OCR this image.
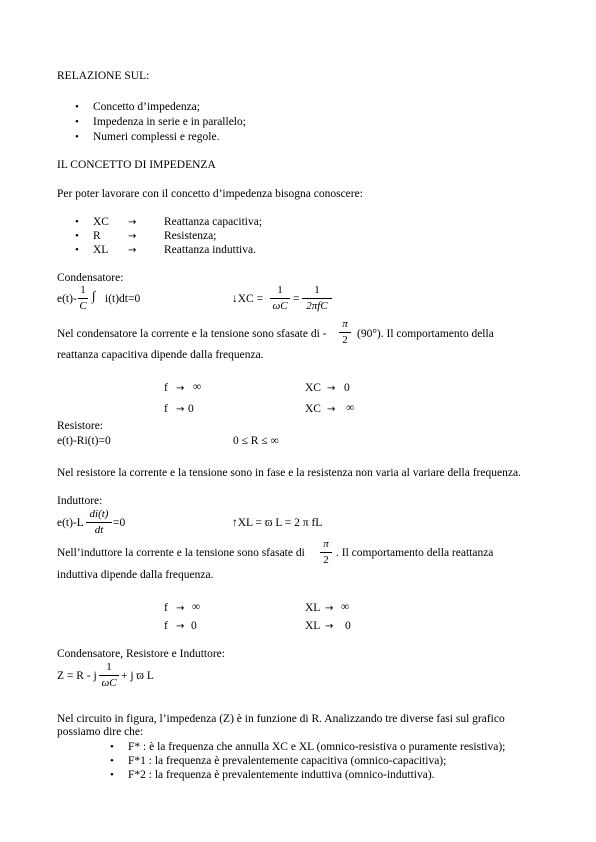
RELAZIONE SUL:
• Concetto d’impedenza;
• Impedenza in serie e in parallelo;
• Numeri complessi e regole.
IL CONCETTO DI IMPEDENZA
Per poter lavorare con il concetto d’impedenza bisogna conoscere:
• XC → Reattanza capacitiva;
• R	→ Resistenza;
• XL → Reattanza induttiva.
Condensatore:
e(t)-
1
C
∫ i(t)dt=0	↓XC =
1
ωC
=
1
2πfC
Nel condensatore la corrente e la tensione sono sfasate di -
π
2 (90°). Il comportamento della
reattanza capacitiva dipende dalla frequenza.
f → ∞	XC → 0
f → 0	XC → ∞
Resistore:
e(t)-Ri(t)=0	0 ≤ R ≤ ∞
Nel resistore la corrente e la tensione sono in fase e la resistenza non varia al variare della frequenza.
Induttore:
e(t)-L
di(t)
dt
=0	↑XL = ϖ L = 2 π fL
Nell’induttore la corrente e la tensione sono sfasate di
π
2
. Il comportamento della reattanza
induttiva dipende dalla frequenza.
f → ∞	XL → ∞
f → 0	XL → 0
Condensatore, Resistore e Induttore:
Z = R - j
1
ωC
+ j ϖ L
Nel circuito in figura, l’impedenza (Z) è in funzione di R. Analizzando tre diverse fasi sul grafico
possiamo dire che:
• F* : è la frequenza che annulla XC e XL (omnico-resistiva o puramente resistiva);
• F*1 : la frequenza è prevalentemente capacitiva (omnico-capacitiva);
• F*2 : la frequenza è prevalentemente induttiva (omnico-induttiva).
